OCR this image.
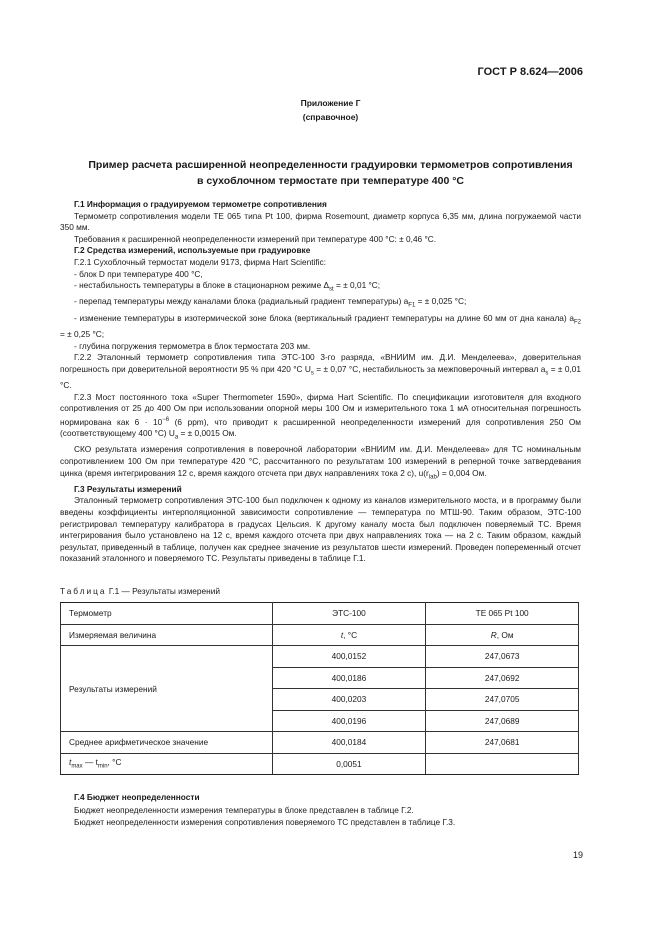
ГОСТ Р 8.624—2006
Приложение Г
(справочное)
Пример расчета расширенной неопределенности градуировки термометров сопротивления
в сухоблочном термостате при температуре 400 °С

Г.1 Информация о градуируемом термометре сопротивления

Термометр сопротивления модели ТЕ 065 типа Pt 100, фирма Rosemount, диаметр корпуса 6,35 мм, длина погружаемой части 350 мм.

Требования к расширенной неопределенности измерений при температуре 400 °С: ± 0,46 °С.

Г.2 Средства измерений, используемые при градуировке

Г.2.1 Сухоблочный термостат модели 9173, фирма Hart Scientific:

- блок D при температуре 400 °С,

- нестабильность температуры в блоке в стационарном режиме $\Delta_{st}$ = ± 0,01 °С;

- перепад температуры между каналами блока (радиальный градиент температуры) $a_{F1}$ = ± 0,025 °С;

- изменение температуры в изотермической зоне блока (вертикальный градиент температуры на длине 60 мм от дна канала) $a_{F2}$ = ± 0,25 °С;

- глубина погружения термометра в блок термостата 203 мм.

Г.2.2 Эталонный термометр сопротивления типа ЭТС-100 3-го разряда, «ВНИИМ им. Д.И. Менделеева», доверительная погрешность при доверительной вероятности 95 % при 420 °С $U_s$ = ± 0,07 °С, нестабильность за межповерочный интервал $a_s$ = ± 0,01 °С.

Г.2.3 Мост постоянного тока «Super Thermometer 1590», фирма Hart Scientific. По спецификации изготовителя для входного сопротивления от 25 до 400 Ом при использовании опорной меры 100 Ом и измерительного тока 1 мА относительная погрешность нормирована как $6 \cdot 10^{-6}$ (6 ppm), что приводит к расширенной неопределенности измерений для сопротивления 250 Ом (соответствующему 400 °С) $U_a$ = ± 0,0015 Ом.

СКО результата измерения сопротивления в поверочной лаборатории «ВНИИМ им. Д.И. Менделеева» для ТС номинальным сопротивлением 100 Ом при температуре 420 °С, рассчитанного по результатам 100 измерений в реперной точке затвердевания цинка (время интегрирования 12 с, время каждого отсчета при двух направлениях тока 2 с), $u(r_{lab}) = 0,004$ Ом.

Г.3 Результаты измерений

Эталонный термометр сопротивления ЭТС-100 был подключен к одному из каналов измерительного моста, и в программу были введены коэффициенты интерполяционной зависимости сопротивление — температура по МТШ-90. Таким образом, ЭТС-100 регистрировал температуру калибратора в градусах Цельсия. К другому каналу моста был подключен поверяемый ТС. Время интегрирования было установлено на 12 с, время каждого отсчета при двух направлениях тока — на 2 с. Таким образом, каждый результат, приведенный в таблице, получен как среднее значение из результатов шести измерений. Проведен попеременный отсчет показаний эталонного и поверяемого ТС. Результаты приведены в таблице Г.1.

Таблица Г.1 — Результаты измерений
Термометр	ЭТС-100	ТЕ 065 Pt 100
Измеряемая величина	t, °С	R, Ом
Результаты измерений	400,0152	247,0673
	400,0186	247,0692
	400,0203	247,0705
	400,0196	247,0689
Среднее арифметическое значение	400,0184	247,0681
$t_{max}$ — $t_{min}$, °С	0,0051	

Г.4 Бюджет неопределенности

Бюджет неопределенности измерения температуры в блоке представлен в таблице Г.2.

Бюджет неопределенности измерения сопротивления поверяемого ТС представлен в таблице Г.3.

19
